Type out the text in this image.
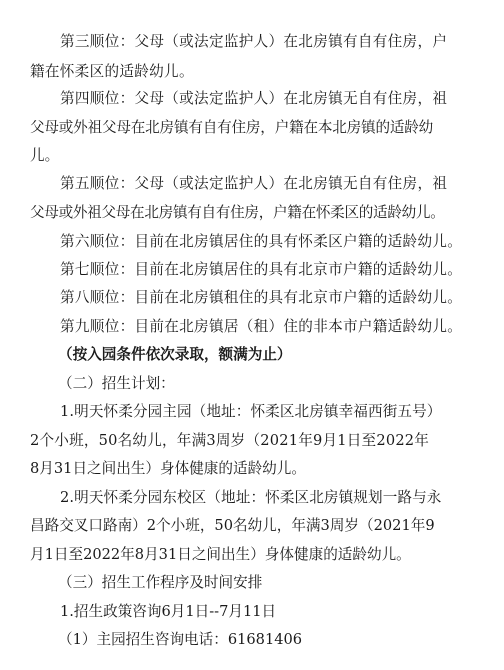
第三顺位：父母（或法定监护人）在北房镇有自有住房，户
籍在怀柔区的适龄幼儿。
第四顺位：父母（或法定监护人）在北房镇无自有住房，祖
父母或外祖父母在北房镇有自有住房，户籍在本北房镇的适龄幼
儿。
第五顺位：父母（或法定监护人）在北房镇无自有住房，祖
父母或外祖父母在北房镇有自有住房，户籍在怀柔区的适龄幼儿。
第六顺位：目前在北房镇居住的具有怀柔区户籍的适龄幼儿。
第七顺位：目前在北房镇居住的具有北京市户籍的适龄幼儿。
第八顺位：目前在北房镇租住的具有北京市户籍的适龄幼儿。
第九顺位：目前在北房镇居（租）住的非本市户籍适龄幼儿。
（按入园条件依次录取，额满为止）
（二）招生计划：
1.明天怀柔分园主园（地址：怀柔区北房镇幸福西街五号）
2个小班，50名幼儿，年满3周岁（2021年9月1日至2022年
8月31日之间出生）身体健康的适龄幼儿。
2.明天怀柔分园东校区（地址：怀柔区北房镇规划一路与永
昌路交叉口路南）2个小班，50名幼儿，年满3周岁（2021年9
月1日至2022年8月31日之间出生）身体健康的适龄幼儿。
（三）招生工作程序及时间安排
1.招生政策咨询6月1日--7月11日
（1）主园招生咨询电话：61681406
